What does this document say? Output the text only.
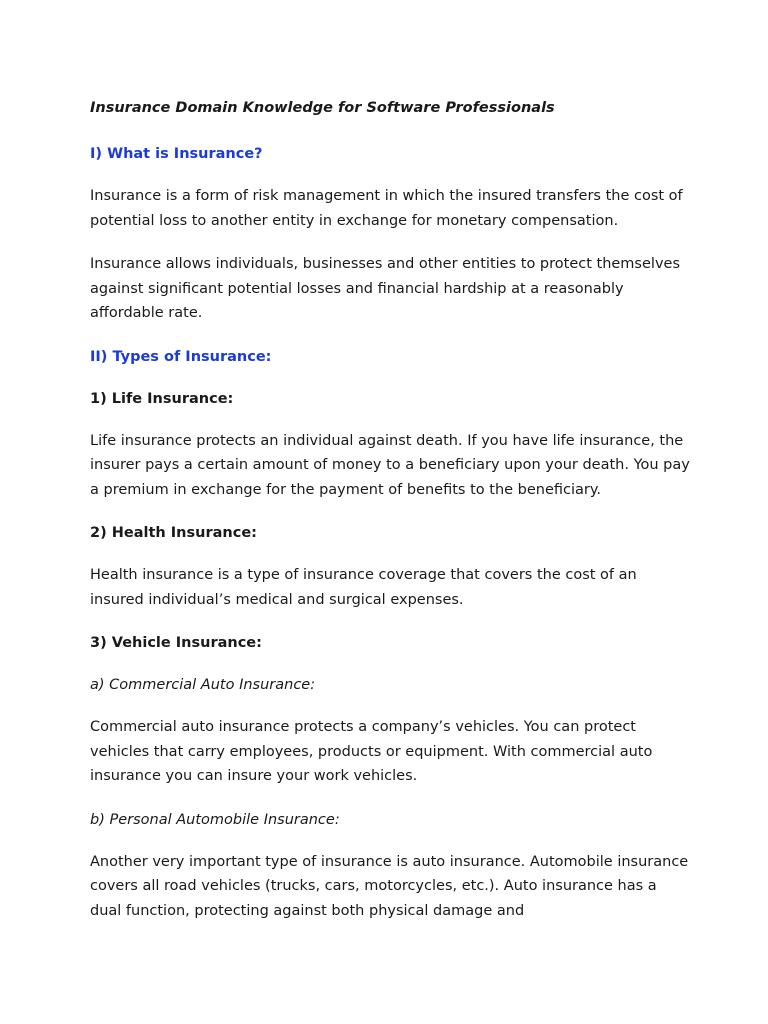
Insurance Domain Knowledge for Software Professionals
I) What is Insurance?

Insurance is a form of risk management in which the insured transfers the cost of potential loss to another entity in exchange for monetary compensation.

Insurance allows individuals, businesses and other entities to protect themselves against significant potential losses and financial hardship at a reasonably affordable rate.

II) Types of Insurance:
1) Life Insurance:

Life insurance protects an individual against death. If you have life insurance, the insurer pays a certain amount of money to a beneficiary upon your death. You pay a premium in exchange for the payment of benefits to the beneficiary.

2) Health Insurance:

Health insurance is a type of insurance coverage that covers the cost of an insured individual’s medical and surgical expenses.

3) Vehicle Insurance:
a) Commercial Auto Insurance:

Commercial auto insurance protects a company’s vehicles. You can protect vehicles that carry employees, products or equipment. With commercial auto insurance you can insure your work vehicles.

b) Personal Automobile Insurance:

Another very important type of insurance is auto insurance. Automobile insurance covers all road vehicles (trucks, cars, motorcycles, etc.). Auto insurance has a dual function, protecting against both physical damage and
